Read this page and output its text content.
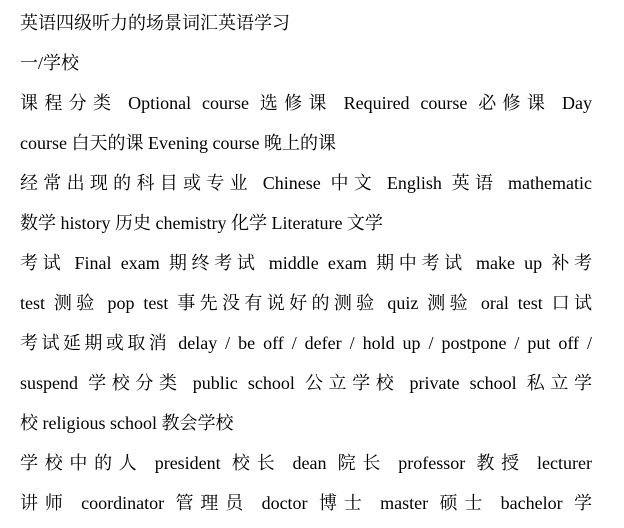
英语四级听力的场景词汇英语学习
一/学校
课程分类 Optional course 选修课 Required course 必修课 Day
course 白天的课 Evening course 晚上的课
经常出现的科目或专业 Chinese 中文 English 英语 mathematic
数学 history 历史 chemistry 化学 Literature 文学
考试 Final exam 期终考试 middle exam 期中考试 make up 补考
test 测验 pop test 事先没有说好的测验 quiz 测验 oral test 口试
考试延期或取消 delay / be off / defer / hold up / postpone / put off /
suspend 学校分类 public school 公立学校 private school 私立学
校 religious school 教会学校
学校中的人 president 校长 dean 院长 professor 教授 lecturer
讲师 coordinator 管理员 doctor 博士 master 硕士 bachelor 学
